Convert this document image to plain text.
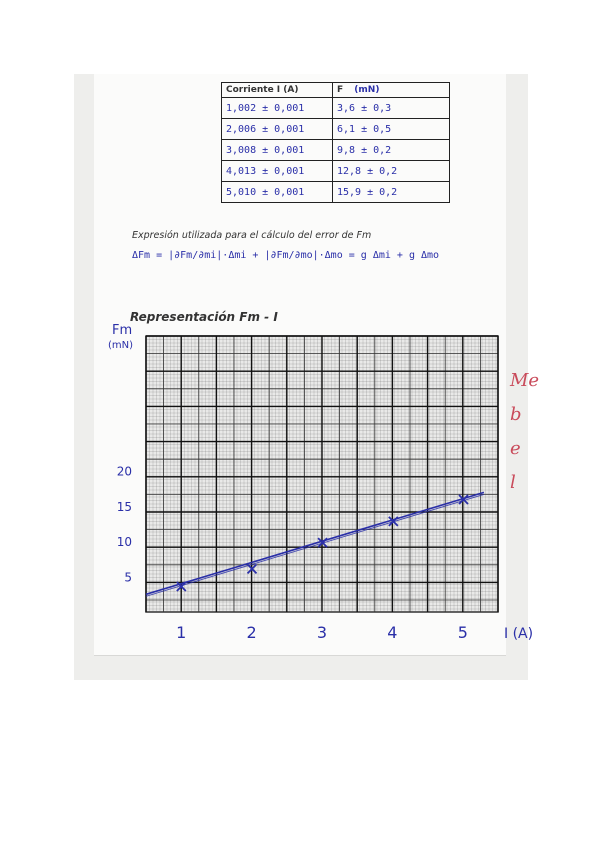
Corriente I (A)	F (mN)
1,002 ± 0,001	3,6 ± 0,3
2,006 ± 0,001	6,1 ± 0,5
3,008 ± 0,001	9,8 ± 0,2
4,013 ± 0,001	12,8 ± 0,2
5,010 ± 0,001	15,9 ± 0,2
Expresión utilizada para el cálculo del error de Fm
ΔFm = |∂Fm/∂mi|·Δmi + |∂Fm/∂mo|·Δmo = g Δmi + g Δmo
Representación Fm - I
Me
b
e
l
1	2	3	4	5
5
10
15
20
I (A)
Fm
(mN)
